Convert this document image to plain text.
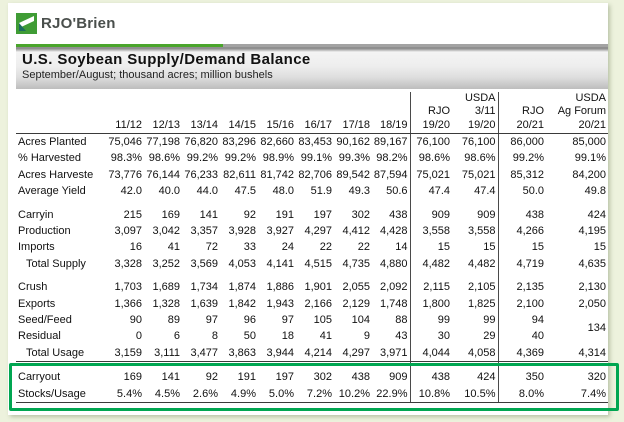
RJO'Brien
U.S. Soybean Supply/Demand Balance
September/August; thousand acres; million bushels
										USDA		USDA
									RJO	3/11	RJO	Ag Forum
	11/12	12/13	13/14	14/15	15/16	16/17	17/18	18/19	19/20	19/20	20/21	20/21
Acres Planted	75,046	77,198	76,820	83,296	82,660	83,453	90,162	89,167	76,100	76,100	86,000	85,000
% Harvested	98.3%	98.6%	99.2%	99.2%	98.9%	99.1%	99.3%	98.2%	98.6%	98.6%	99.2%	99.1%
Acres Harveste	73,776	76,144	76,233	82,611	81,742	82,706	89,542	87,594	75,021	75,021	85,312	84,200
Average Yield	42.0	40.0	44.0	47.5	48.0	51.9	49.3	50.6	47.4	47.4	50.0	49.8

Carryin	215	169	141	92	191	197	302	438	909	909	438	424
Production	3,097	3,042	3,357	3,928	3,927	4,297	4,412	4,428	3,558	3,558	4,266	4,195
Imports	16	41	72	33	24	22	22	14	15	15	15	15
Total Supply	3,328	3,252	3,569	4,053	4,141	4,515	4,735	4,880	4,482	4,482	4,719	4,635

Crush	1,703	1,689	1,734	1,874	1,886	1,901	2,055	2,092	2,115	2,105	2,135	2,130
Exports	1,366	1,328	1,639	1,842	1,943	2,166	2,129	1,748	1,800	1,825	2,100	2,050
Seed/Feed	90	89	97	96	97	105	104	88	99	99	94	134
Residual	0	6	8	50	18	41	9	43	30	29	40	
Total Usage	3,159	3,111	3,477	3,863	3,944	4,214	4,297	3,971	4,044	4,058	4,369	4,314

Carryout	169	141	92	191	197	302	438	909	438	424	350	320
Stocks/Usage	5.4%	4.5%	2.6%	4.9%	5.0%	7.2%	10.2%	22.9%	10.8%	10.5%	8.0%	7.4%
